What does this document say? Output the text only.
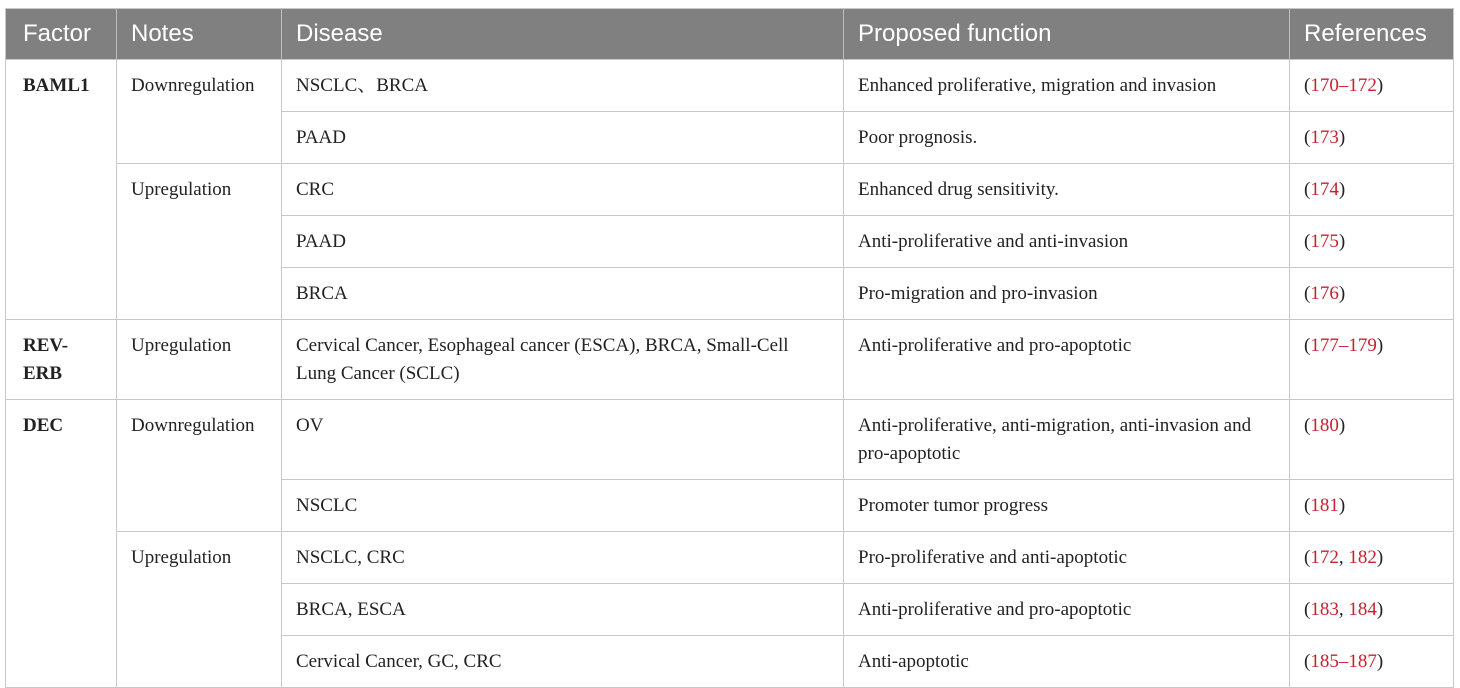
Factor	Notes	Disease	Proposed function	References
BAML1	Downregulation	NSCLC、BRCA	Enhanced proliferative, migration and invasion	(170–172)
		PAAD	Poor prognosis.	(173)
	Upregulation	CRC	Enhanced drug sensitivity.	(174)
		PAAD	Anti-proliferative and anti-invasion	(175)
		BRCA	Pro-migration and pro-invasion	(176)
REV-ERB	Upregulation	Cervical Cancer, Esophageal cancer (ESCA), BRCA, Small-Cell Lung Cancer (SCLC)	Anti-proliferative and pro-apoptotic	(177–179)
DEC	Downregulation	OV	Anti-proliferative, anti-migration, anti-invasion and pro-apoptotic	(180)
		NSCLC	Promoter tumor progress	(181)
	Upregulation	NSCLC, CRC	Pro-proliferative and anti-apoptotic	(172, 182)
		BRCA, ESCA	Anti-proliferative and pro-apoptotic	(183, 184)
		Cervical Cancer, GC, CRC	Anti-apoptotic	(185–187)
